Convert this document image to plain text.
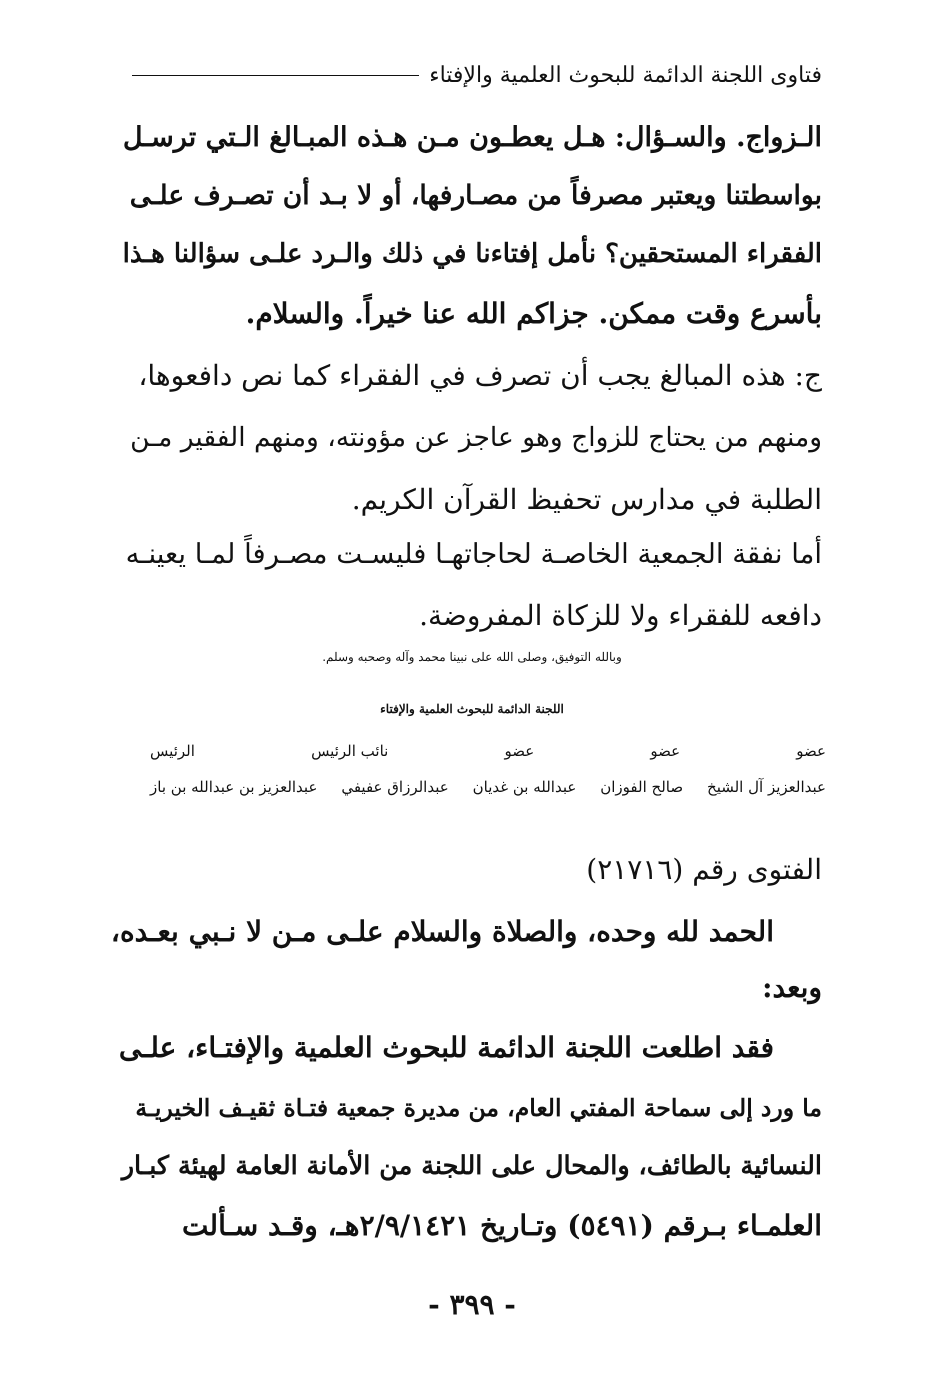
فتاوى اللجنة الدائمة للبحوث العلمية والإفتاء
الـزواج. والسـؤال: هـل يعطـون مـن هـذه المبـالغ الـتي ترسـل
بواسطتنا ويعتبر مصرفاً من مصـارفها، أو لا بـد أن تصـرف علـى
الفقراء المستحقين؟ نأمل إفتاءنا في ذلك والـرد علـى سؤالنا هـذا
بأسرع وقت ممكن. جزاكم الله عنا خيراً. والسلام.
ج: هذه المبالغ يجب أن تصرف في الفقراء كما نص دافعوها،
ومنهم من يحتاج للزواج وهو عاجز عن مؤونته، ومنهم الفقير مـن
الطلبة في مدارس تحفيظ القرآن الكريم.
أما نفقة الجمعية الخاصـة لحاجاتهـا فليسـت مصـرفاً لمـا يعينـه
دافعه للفقراء ولا للزكاة المفروضة.
وبالله التوفيق، وصلى الله على نبينا محمد وآله وصحبه وسلم.
اللجنة الدائمة للبحوث العلمية والإفتاء
عضو
عضو
عضو
نائب الرئيس
الرئيس
عبدالعزيز آل الشيخ
صالح الفوزان
عبدالله بن غديان
عبدالرزاق عفيفي
عبدالعزيز بن عبدالله بن باز
الفتوى رقم (٢١٧١٦)
الحمد لله وحده، والصلاة والسلام علـى مـن لا نـبي بعـده،
وبعد:
فقد اطلعت اللجنة الدائمة للبحوث العلمية والإفتـاء، علـى
ما ورد إلى سماحة المفتي العام، من مديرة جمعية فتـاة ثقيـف الخيريـة
النسائية بالطائف، والمحال على اللجنة من الأمانة العامة لهيئة كبـار
العلمـاء بـرقم (٥٤٩١) وتـاريخ ٢/٩/١٤٢١هـ، وقـد سـألت
- ٣٩٩ -
